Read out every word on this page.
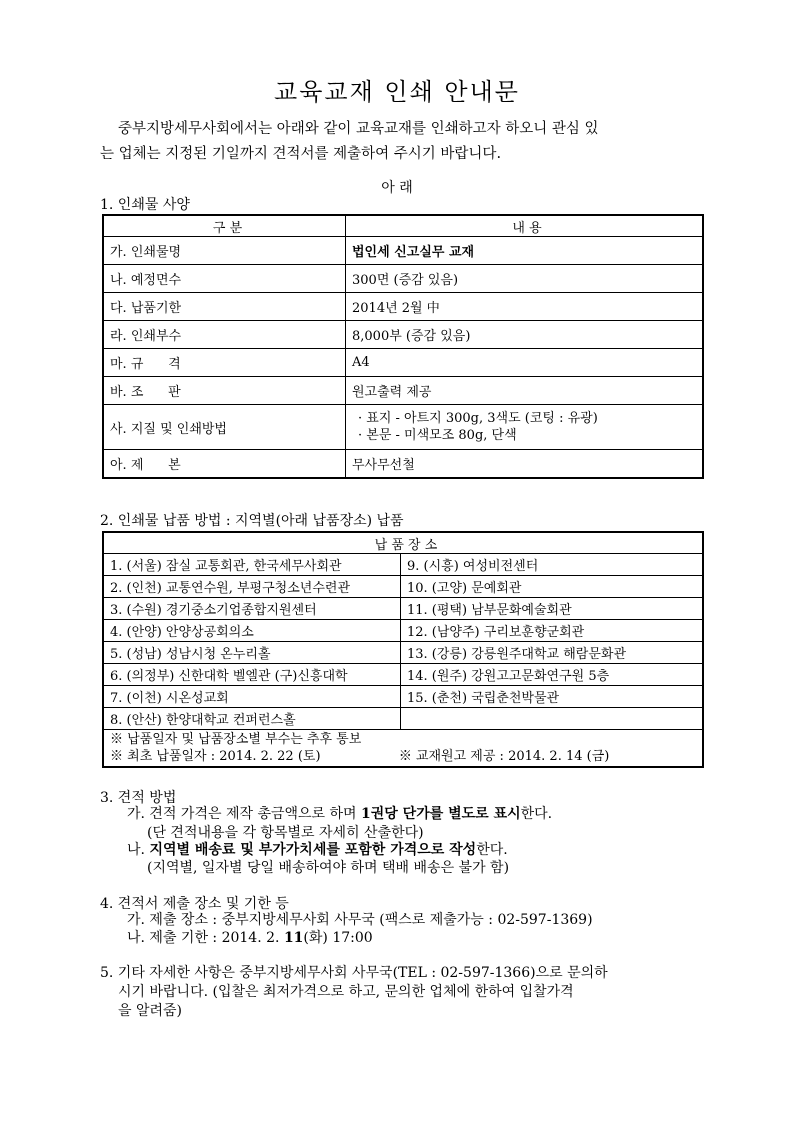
교육교재 인쇄 안내문
중부지방세무사회에서는 아래와 같이 교육교재를 인쇄하고자 하오니 관심 있
는 업체는 지정된 기일까지 견적서를 제출하여 주시기 바랍니다.
아 래
1. 인쇄물 사양
구 분	내 용
가. 인쇄물명	법인세 신고실무 교재
나. 예정면수	300면 (증감 있음)
다. 납품기한	2014년 2월 中
라. 인쇄부수	8,000부 (증감 있음)
마. 규      격	A4
바. 조      판	원고출력 제공
사. 지질 및 인쇄방법	· 표지 - 아트지 300g, 3색도 (코팅 : 유광)
· 본문 - 미색모조 80g, 단색

아. 제      본	무사무선철
2. 인쇄물 납품 방법 : 지역별(아래 납품장소) 납품
납 품 장 소	
1. (서울) 잠실 교통회관, 한국세무사회관	9. (시흥) 여성비전센터
2. (인천) 교통연수원, 부평구청소년수련관	10. (고양) 문예회관
3. (수원) 경기중소기업종합지원센터	11. (평택) 남부문화예술회관
4. (안양) 안양상공회의소	12. (남양주) 구리보훈향군회관
5. (성남) 성남시청 온누리홀	13. (강릉) 강릉원주대학교 해람문화관
6. (의정부) 신한대학 벨엘관 (구)신흥대학	14. (원주) 강원고고문화연구원 5층
7. (이천) 시온성교회	15. (춘천) 국립춘천박물관
8. (안산) 한양대학교 컨퍼런스홀	

※ 납품일자 및 납품장소별 부수는 추후 통보
※ 최초 납품일자 : 2014. 2. 22 (토) ※ 교재원고 제공 : 2014. 2. 14 (금)	
3. 견적 방법
가. 견적 가격은 제작 총금액으로 하며 1권당 단가를 별도로 표시한다.
(단 견적내용을 각 항목별로 자세히 산출한다)
나. 지역별 배송료 및 부가가치세를 포함한 가격으로 작성한다.
(지역별, 일자별 당일 배송하여야 하며 택배 배송은 불가 함)
4. 견적서 제출 장소 및 기한 등
가. 제출 장소 : 중부지방세무사회 사무국 (팩스로 제출가능 : 02-597-1369)
나. 제출 기한 : 2014. 2. 11(화) 17:00
5. 기타 자세한 사항은 중부지방세무사회 사무국(TEL : 02-597-1366)으로 문의하
시기 바랍니다. (입찰은 최저가격으로 하고, 문의한 업체에 한하여 입찰가격
을 알려줌)
